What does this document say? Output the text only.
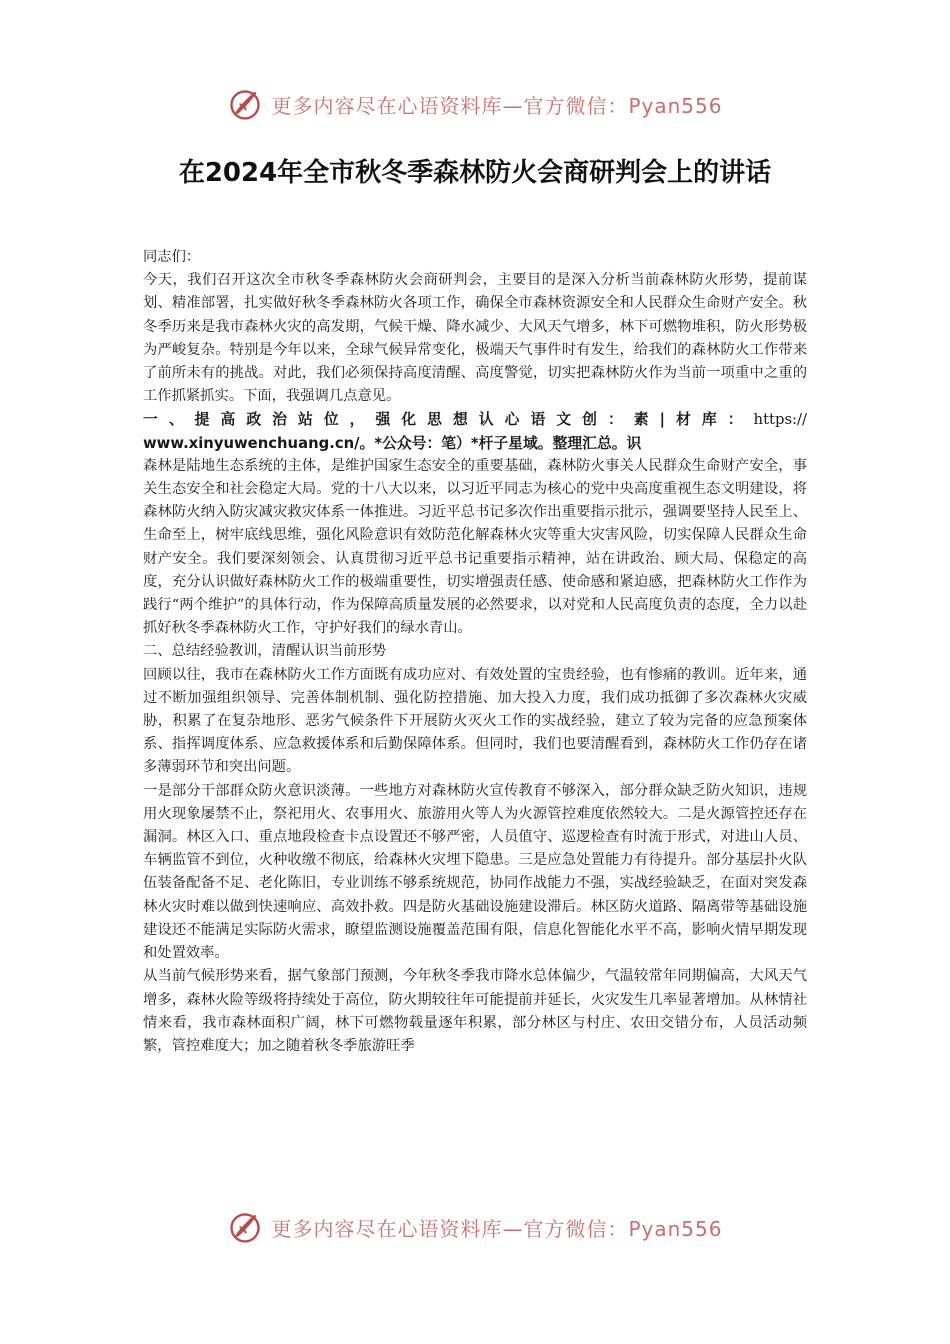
更多内容尽在心语资料库—官方微信：Pyan556
在2024年全市秋冬季森林防火会商研判会上的讲话

同志们：

今天，我们召开这次全市秋冬季森林防火会商研判会，主要目的是深入分析当前森林防火形势，提前谋划、精准部署，扎实做好秋冬季森林防火各项工作，确保全市森林资源安全和人民群众生命财产安全。秋冬季历来是我市森林火灾的高发期，气候干燥、降水减少、大风天气增多，林下可燃物堆积，防火形势极为严峻复杂。特别是今年以来，全球气候异常变化，极端天气事件时有发生，给我们的森林防火工作带来了前所未有的挑战。对此，我们必须保持高度清醒、高度警觉，切实把森林防火作为当前一项重中之重的工作抓紧抓实。下面，我强调几点意见。

一、提高政治站位，强化思想认心语文创：素|材库：https://

www.xinyuwenchuang.cn/。*公众号：笔）*杆子星域。整理汇总。识

森林是陆地生态系统的主体，是维护国家生态安全的重要基础，森林防火事关人民群众生命财产安全，事关生态安全和社会稳定大局。党的十八大以来，以习近平同志为核心的党中央高度重视生态文明建设，将森林防火纳入防灾减灾救灾体系一体推进。习近平总书记多次作出重要指示批示，强调要坚持人民至上、生命至上，树牢底线思维，强化风险意识有效防范化解森林火灾等重大灾害风险，切实保障人民群众生命财产安全。我们要深刻领会、认真贯彻习近平总书记重要指示精神，站在讲政治、顾大局、保稳定的高度，充分认识做好森林防火工作的极端重要性，切实增强责任感、使命感和紧迫感，把森林防火工作作为践行“两个维护”的具体行动，作为保障高质量发展的必然要求，以对党和人民高度负责的态度，全力以赴抓好秋冬季森林防火工作，守护好我们的绿水青山。

二、总结经验教训，清醒认识当前形势

回顾以往，我市在森林防火工作方面既有成功应对、有效处置的宝贵经验，也有惨痛的教训。近年来，通过不断加强组织领导、完善体制机制、强化防控措施、加大投入力度，我们成功抵御了多次森林火灾威胁，积累了在复杂地形、恶劣气候条件下开展防火灭火工作的实战经验，建立了较为完备的应急预案体系、指挥调度体系、应急救援体系和后勤保障体系。但同时，我们也要清醒看到，森林防火工作仍存在诸多薄弱环节和突出问题。

一是部分干部群众防火意识淡薄。一些地方对森林防火宣传教育不够深入，部分群众缺乏防火知识，违规用火现象屡禁不止，祭祀用火、农事用火、旅游用火等人为火源管控难度依然较大。二是火源管控还存在漏洞。林区入口、重点地段检查卡点设置还不够严密，人员值守、巡逻检查有时流于形式，对进山人员、车辆监管不到位，火种收缴不彻底，给森林火灾埋下隐患。三是应急处置能力有待提升。部分基层扑火队伍装备配备不足、老化陈旧，专业训练不够系统规范，协同作战能力不强，实战经验缺乏，在面对突发森林火灾时难以做到快速响应、高效扑救。四是防火基础设施建设滞后。林区防火道路、隔离带等基础设施建设还不能满足实际防火需求，瞭望监测设施覆盖范围有限，信息化智能化水平不高，影响火情早期发现和处置效率。

从当前气候形势来看，据气象部门预测，今年秋冬季我市降水总体偏少，气温较常年同期偏高，大风天气增多，森林火险等级将持续处于高位，防火期较往年可能提前并延长，火灾发生几率显著增加。从林情社情来看，我市森林面积广阔，林下可燃物载量逐年积累，部分林区与村庄、农田交错分布，人员活动频繁，管控难度大；加之随着秋冬季旅游旺季

更多内容尽在心语资料库—官方微信：Pyan556
